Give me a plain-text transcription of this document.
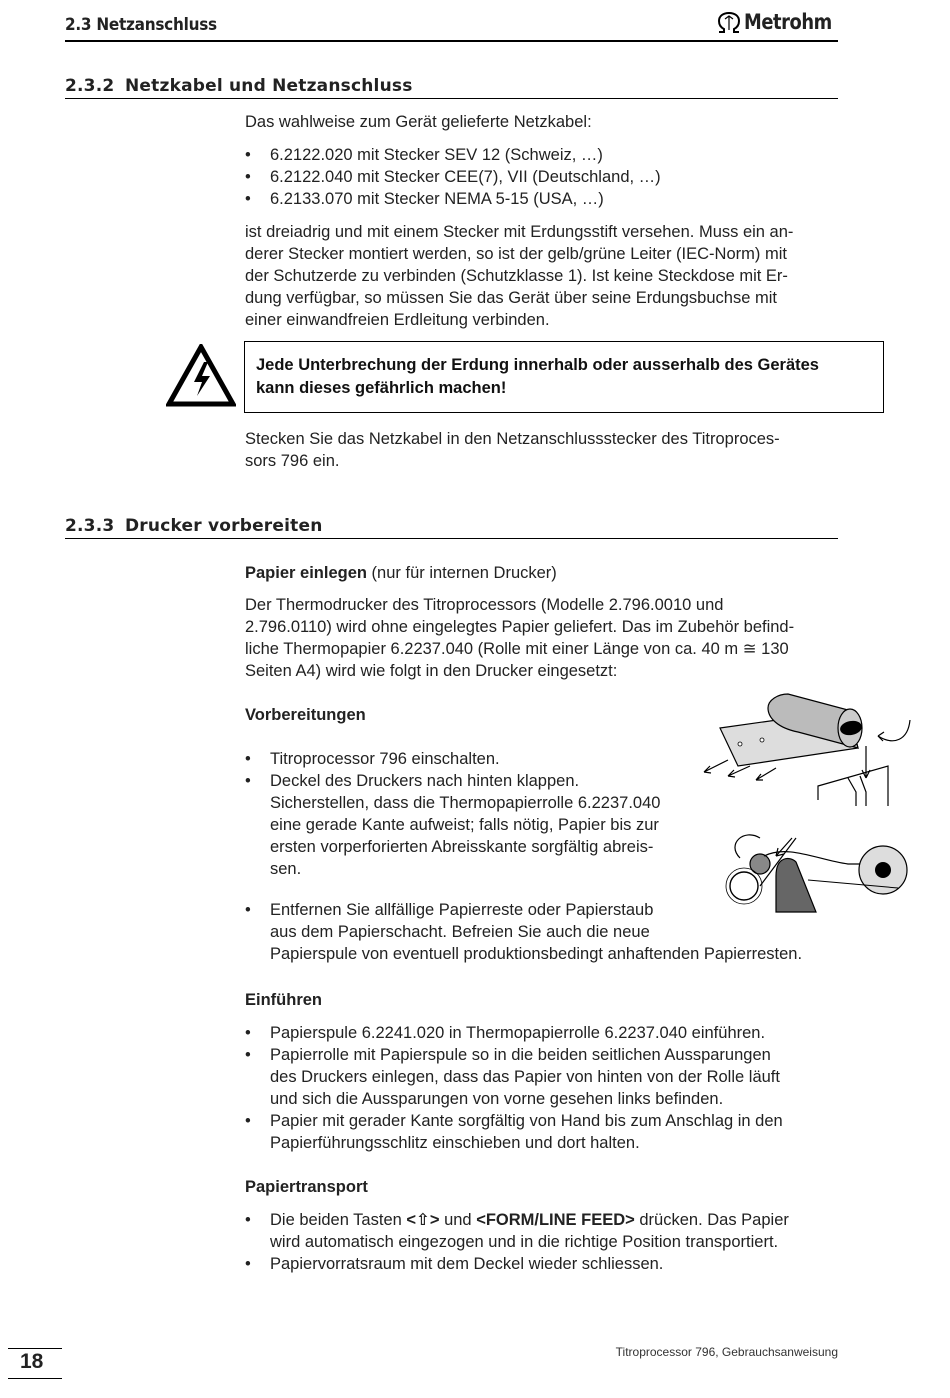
2.3 Netzanschluss	Metrohm
2.3.2 Netzkabel und Netzanschluss
Das wahlweise zum Gerät gelieferte Netzkabel:
• 6.2122.020 mit Stecker SEV 12 (Schweiz, …)
• 6.2122.040 mit Stecker CEE(7), VII (Deutschland, …)
• 6.2133.070 mit Stecker NEMA 5-15 (USA, …)

ist dreiadrig und mit einem Stecker mit Erdungsstift versehen. Muss ein an-

derer Stecker montiert werden, so ist der gelb/grüne Leiter (IEC-Norm) mit

der Schutzerde zu verbinden (Schutzklasse 1). Ist keine Steckdose mit Er-

dung verfügbar, so müssen Sie das Gerät über seine Erdungsbuchse mit

einer einwandfreien Erdleitung verbinden.

Jede Unterbrechung der Erdung innerhalb oder ausserhalb des Gerätes
kann dieses gefährlich machen!

Stecken Sie das Netzkabel in den Netzanschlussstecker des Titroproces-

sors 796 ein.

2.3.3 Drucker vorbereiten
Papier einlegen (nur für internen Drucker)

Der Thermodrucker des Titroprocessors (Modelle 2.796.0010 und

2.796.0110) wird ohne eingelegtes Papier geliefert. Das im Zubehör befind-

liche Thermopapier 6.2237.040 (Rolle mit einer Länge von ca. 40 m ≅ 130

Seiten A4) wird wie folgt in den Drucker eingesetzt:

Vorbereitungen
• Titroprocessor 796 einschalten.
• Deckel des Druckers nach hinten klappen.
Sicherstellen, dass die Thermopapierrolle 6.2237.040
eine gerade Kante aufweist; falls nötig, Papier bis zur
ersten vorperforierten Abreisskante sorgfältig abreis-
sen.
• Entfernen Sie allfällige Papierreste oder Papierstaub
aus dem Papierschacht. Befreien Sie auch die neue
Papierspule von eventuell produktionsbedingt anhaftenden Papierresten.
Einführen
• Papierspule 6.2241.020 in Thermopapierrolle 6.2237.040 einführen.
• Papierrolle mit Papierspule so in die beiden seitlichen Aussparungen
des Druckers einlegen, dass das Papier von hinten von der Rolle läuft
und sich die Aussparungen von vorne gesehen links befinden.
• Papier mit gerader Kante sorgfältig von Hand bis zum Anschlag in den
Papierführungsschlitz einschieben und dort halten.
Papiertransport
• Die beiden Tasten <⇧> und <FORM/LINE FEED> drücken. Das Papier
wird automatisch eingezogen und in die richtige Position transportiert.
• Papiervorratsraum mit dem Deckel wieder schliessen.
18	Titroprocessor 796, Gebrauchsanweisung
